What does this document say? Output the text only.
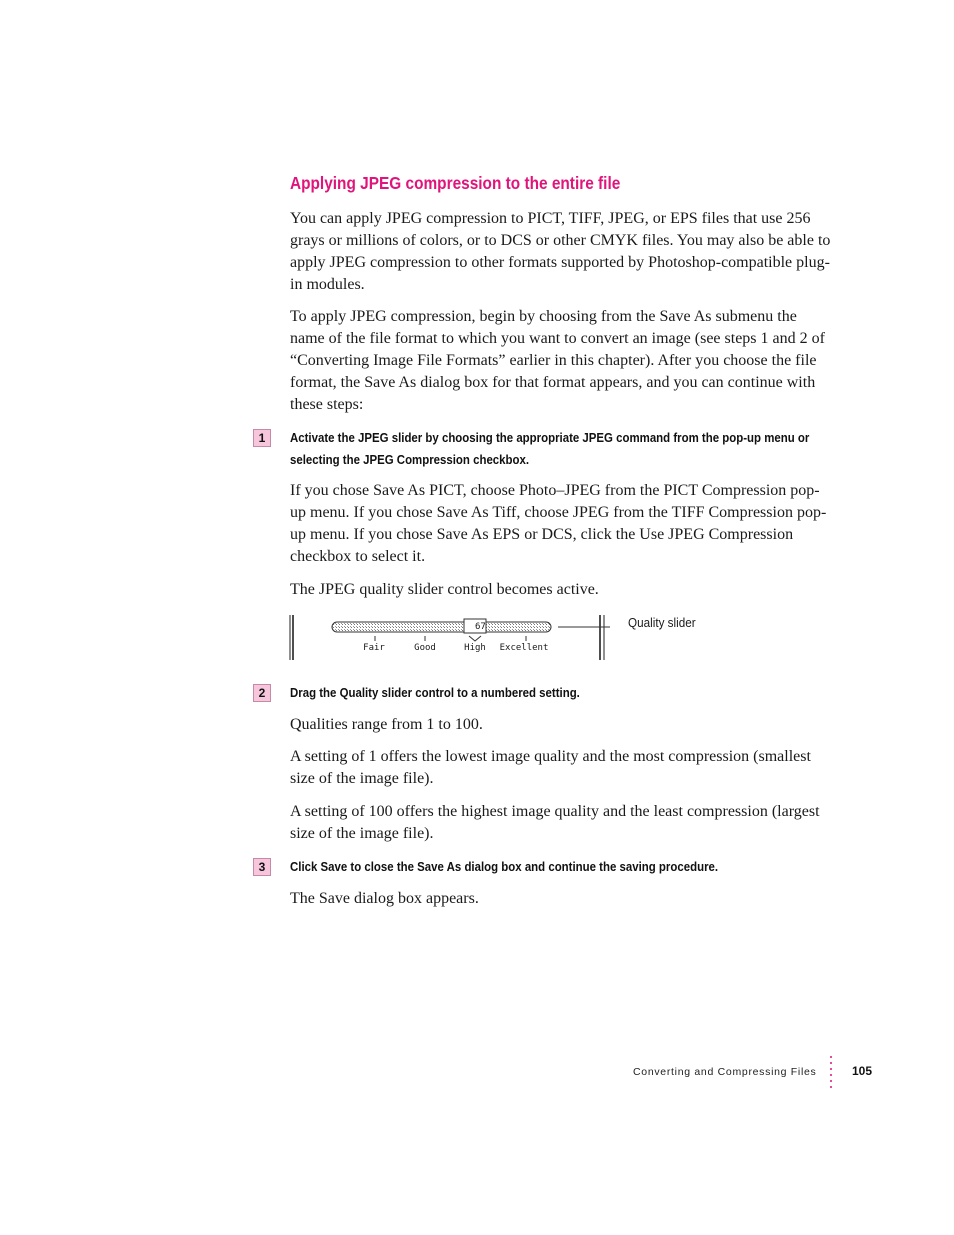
Applying JPEG compression to the entire file

You can apply JPEG compression to PICT, TIFF, JPEG, or EPS files that use 256 grays or millions of colors, or to DCS or other CMYK files. You may also be able to apply JPEG compression to other formats supported by Photoshop-compatible plug-in modules.

To apply JPEG compression, begin by choosing from the Save As submenu the name of the file format to which you want to convert an image (see steps 1 and 2 of “Converting Image File Formats” earlier in this chapter). After you choose the file format, the Save As dialog box for that format appears, and you can continue with these steps:

1	Activate the JPEG slider by choosing the appropriate JPEG command from the pop-up menu or selecting the JPEG Compression checkbox.

If you chose Save As PICT, choose Photo–JPEG from the PICT Compression pop-up menu. If you chose Save As Tiff, choose JPEG from the TIFF Compression pop-up menu. If you chose Save As EPS or DCS, click the Use JPEG Compression checkbox to select it.

The JPEG quality slider control becomes active.

67
Fair	Good	High Excellent
Quality slider
2	Drag the Quality slider control to a numbered setting.

Qualities range from 1 to 100.

A setting of 1 offers the lowest image quality and the most compression (smallest size of the image file).

A setting of 100 offers the highest image quality and the least compression (largest size of the image file).

3	Click Save to close the Save As dialog box and continue the saving procedure.

The Save dialog box appears.

Converting and Compressing Files	105
